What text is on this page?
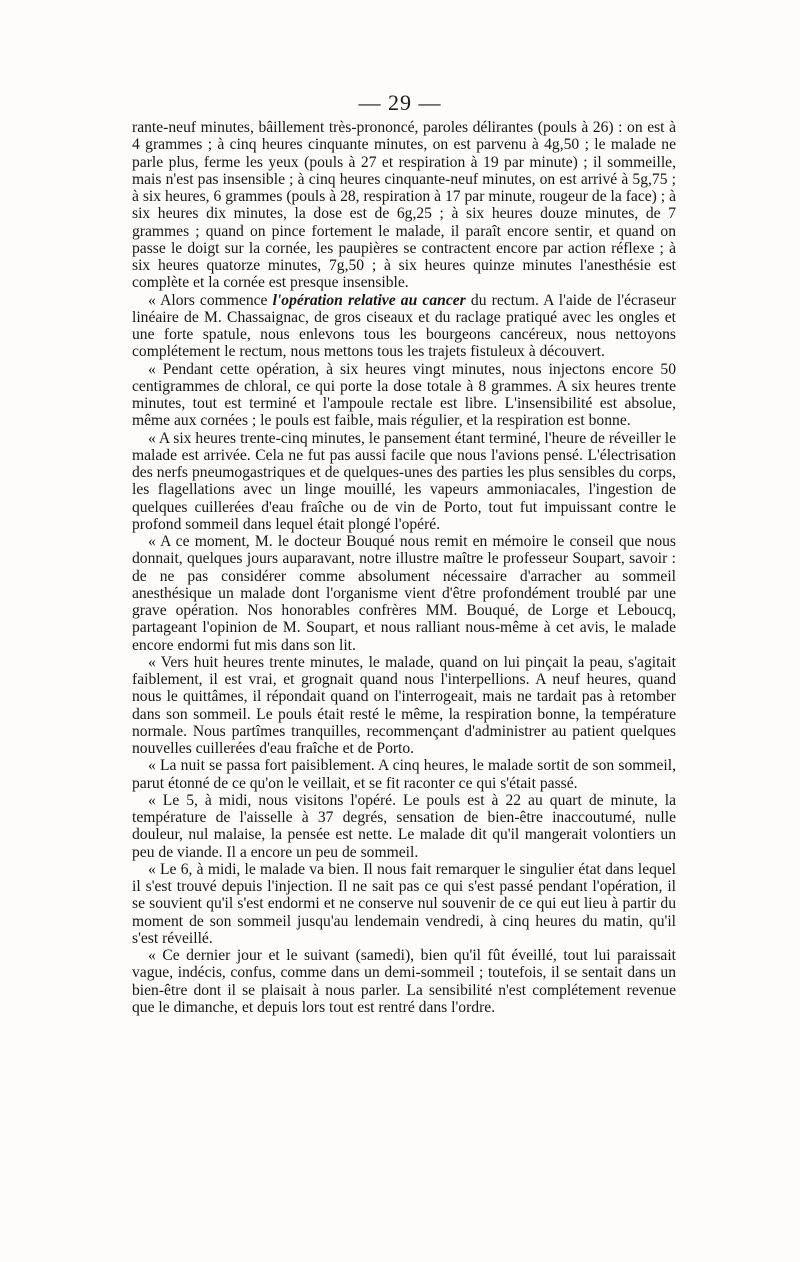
— 29 —

rante-neuf minutes, bâillement très-prononcé, paroles délirantes (pouls à 26) : on est à 4 grammes ; à cinq heures cinquante minutes, on est parvenu à 4g,50 ; le malade ne parle plus, ferme les yeux (pouls à 27 et respiration à 19 par minute) ; il sommeille, mais n'est pas insensible ; à cinq heures cinquante-neuf minutes, on est arrivé à 5g,75 ; à six heures, 6 grammes (pouls à 28, respiration à 17 par minute, rougeur de la face) ; à six heures dix minutes, la dose est de 6g,25 ; à six heures douze minutes, de 7 grammes ; quand on pince fortement le malade, il paraît encore sentir, et quand on passe le doigt sur la cornée, les paupières se contractent encore par action réflexe ; à six heures quatorze minutes, 7g,50 ; à six heures quinze minutes l'anesthésie est complète et la cornée est presque insensible.

« Alors commence l'opération relative au cancer du rectum. A l'aide de l'écraseur linéaire de M. Chassaignac, de gros ciseaux et du raclage pratiqué avec les ongles et une forte spatule, nous enlevons tous les bourgeons cancéreux, nous nettoyons complétement le rectum, nous mettons tous les trajets fistuleux à découvert.

« Pendant cette opération, à six heures vingt minutes, nous injectons encore 50 centigrammes de chloral, ce qui porte la dose totale à 8 grammes. A six heures trente minutes, tout est terminé et l'ampoule rectale est libre. L'insensibilité est absolue, même aux cornées ; le pouls est faible, mais régulier, et la respiration est bonne.

« A six heures trente-cinq minutes, le pansement étant terminé, l'heure de réveiller le malade est arrivée. Cela ne fut pas aussi facile que nous l'avions pensé. L'électrisation des nerfs pneumogastriques et de quelques-unes des parties les plus sensibles du corps, les flagellations avec un linge mouillé, les vapeurs ammoniacales, l'ingestion de quelques cuillerées d'eau fraîche ou de vin de Porto, tout fut impuissant contre le profond sommeil dans lequel était plongé l'opéré.

« A ce moment, M. le docteur Bouqué nous remit en mémoire le conseil que nous donnait, quelques jours auparavant, notre illustre maître le professeur Soupart, savoir : de ne pas considérer comme absolument nécessaire d'arracher au sommeil anesthésique un malade dont l'organisme vient d'être profondément troublé par une grave opération. Nos honorables confrères MM. Bouqué, de Lorge et Leboucq, partageant l'opinion de M. Soupart, et nous ralliant nous-même à cet avis, le malade encore endormi fut mis dans son lit.

« Vers huit heures trente minutes, le malade, quand on lui pinçait la peau, s'agitait faiblement, il est vrai, et grognait quand nous l'interpellions. A neuf heures, quand nous le quittâmes, il répondait quand on l'interrogeait, mais ne tardait pas à retomber dans son sommeil. Le pouls était resté le même, la respiration bonne, la température normale. Nous partîmes tranquilles, recommençant d'administrer au patient quelques nouvelles cuillerées d'eau fraîche et de Porto.

« La nuit se passa fort paisiblement. A cinq heures, le malade sortit de son sommeil, parut étonné de ce qu'on le veillait, et se fit raconter ce qui s'était passé.

« Le 5, à midi, nous visitons l'opéré. Le pouls est à 22 au quart de minute, la température de l'aisselle à 37 degrés, sensation de bien-être inaccoutumé, nulle douleur, nul malaise, la pensée est nette. Le malade dit qu'il mangerait volontiers un peu de viande. Il a encore un peu de sommeil.

« Le 6, à midi, le malade va bien. Il nous fait remarquer le singulier état dans lequel il s'est trouvé depuis l'injection. Il ne sait pas ce qui s'est passé pendant l'opération, il se souvient qu'il s'est endormi et ne conserve nul souvenir de ce qui eut lieu à partir du moment de son sommeil jusqu'au lendemain vendredi, à cinq heures du matin, qu'il s'est réveillé.

« Ce dernier jour et le suivant (samedi), bien qu'il fût éveillé, tout lui paraissait vague, indécis, confus, comme dans un demi-sommeil ; toutefois, il se sentait dans un bien-être dont il se plaisait à nous parler. La sensibilité n'est complétement revenue que le dimanche, et depuis lors tout est rentré dans l'ordre.
